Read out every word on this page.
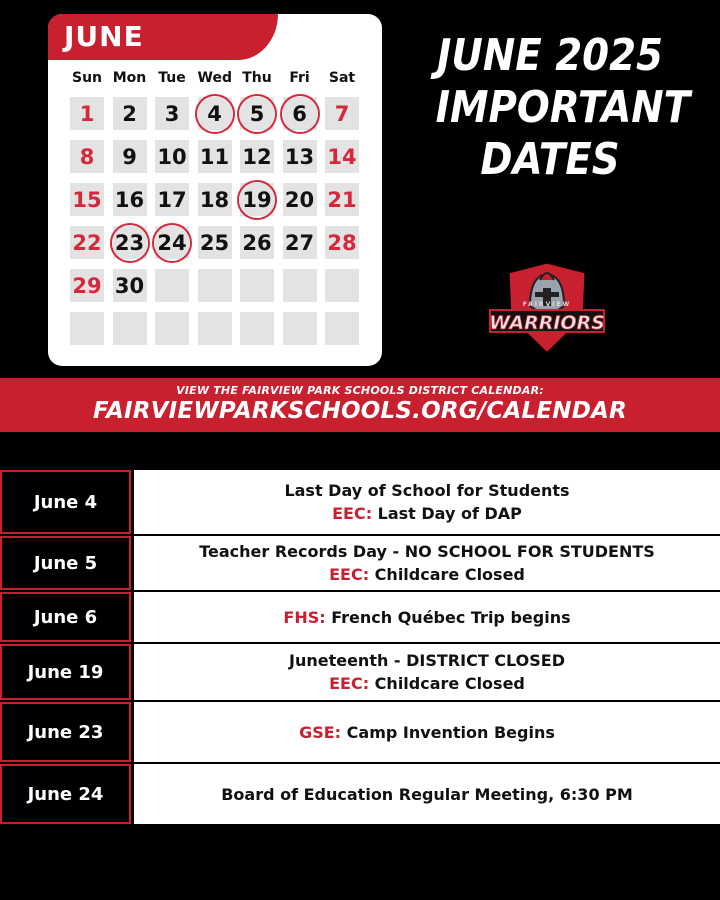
JUNE
Sun Mon Tue Wed Thu	Fri	Sat
1	2	3	4	5	6	7
8	9 10 11 12 13 14
15 16 17 18 19 20 21
22 23 24 25 26 27 28
29 30
JUNE 2025
IMPORTANT
DATES
FAIRVIEW
WARRIORS
VIEW THE FAIRVIEW PARK SCHOOLS DISTRICT CALENDAR:
FAIRVIEWPARKSCHOOLS.ORG/CALENDAR
June 4
Last Day of School for Students
EEC: Last Day of DAP
June 5
Teacher Records Day - NO SCHOOL FOR STUDENTS
EEC: Childcare Closed
June 6	FHS: French Québec Trip begins
June 19
Juneteenth - DISTRICT CLOSED
EEC: Childcare Closed
June 23	GSE: Camp Invention Begins
June 24	Board of Education Regular Meeting, 6:30 PM
